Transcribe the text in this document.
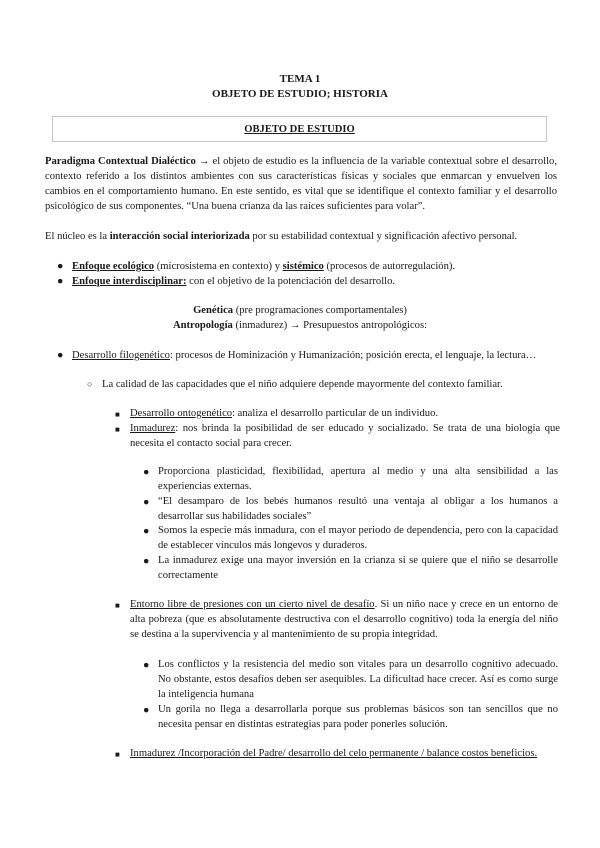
TEMA 1
OBJETO DE ESTUDIO; HISTORIA
OBJETO DE ESTUDIO
Paradigma Contextual Dialéctico → el objeto de estudio es la influencia de la variable contextual sobre el desarrollo, contexto referido a los distintos ambientes con sus características físicas y sociales que enmarcan y envuelven los cambios en el comportamiento humano. En este sentido, es vital que se identifique el contexto familiar y el desarrollo psicológico de sus componentes. “Una buena crianza da las raíces suficientes para volar”.
El núcleo es la interacción social interiorizada por su estabilidad contextual y significación afectivo personal.
● Enfoque ecológico (microsistema en contexto) y sistémico (procesos de autorregulación).
● Enfoque interdisciplinar: con el objetivo de la potenciación del desarrollo.
Genética (pre programaciones comportamentales)
Antropología (inmadurez) → Presupuestos antropológicos:
● Desarrollo filogenético: procesos de Hominización y Humanización; posición erecta, el lenguaje, la lectura…
○ La calidad de las capacidades que el niño adquiere depende mayormente del contexto familiar.
■ Desarrollo ontogenético: analiza el desarrollo particular de un individuo.
■ Inmadurez: nos brinda la posibilidad de ser educado y socializado. Se trata de una biología que necesita el contacto social para crecer.
● Proporciona plasticidad, flexibilidad, apertura al medio y una alta sensibilidad a las experiencias externas.
● “El desamparo de los bebés humanos resultó una ventaja al obligar a los humanos a desarrollar sus habilidades sociales”
● Somos la especie más inmadura, con el mayor periodo de dependencia, pero con la capacidad de establecer vínculos más longevos y duraderos.
● La inmadurez exige una mayor inversión en la crianza si se quiere que el niño se desarrolle correctamente
■ Entorno libre de presiones con un cierto nivel de desafío. Si un niño nace y crece en un entorno de alta pobreza (que es absolutamente destructiva con el desarrollo cognitivo) toda la energía del niño se destina a la supervivencia y al mantenimiento de su propia integridad.
● Los conflictos y la resistencia del medio son vitales para un desarrollo cognitivo adecuado. No obstante, estos desafíos deben ser asequibles. La dificultad hace crecer. Así es como surge la inteligencia humana
● Un gorila no llega a desarrollarla porque sus problemas básicos son tan sencillos que no necesita pensar en distintas estrategias para poder ponerles solución.
■ Inmadurez /Incorporación del Padre/ desarrollo del celo permanente / balance costos beneficios.
